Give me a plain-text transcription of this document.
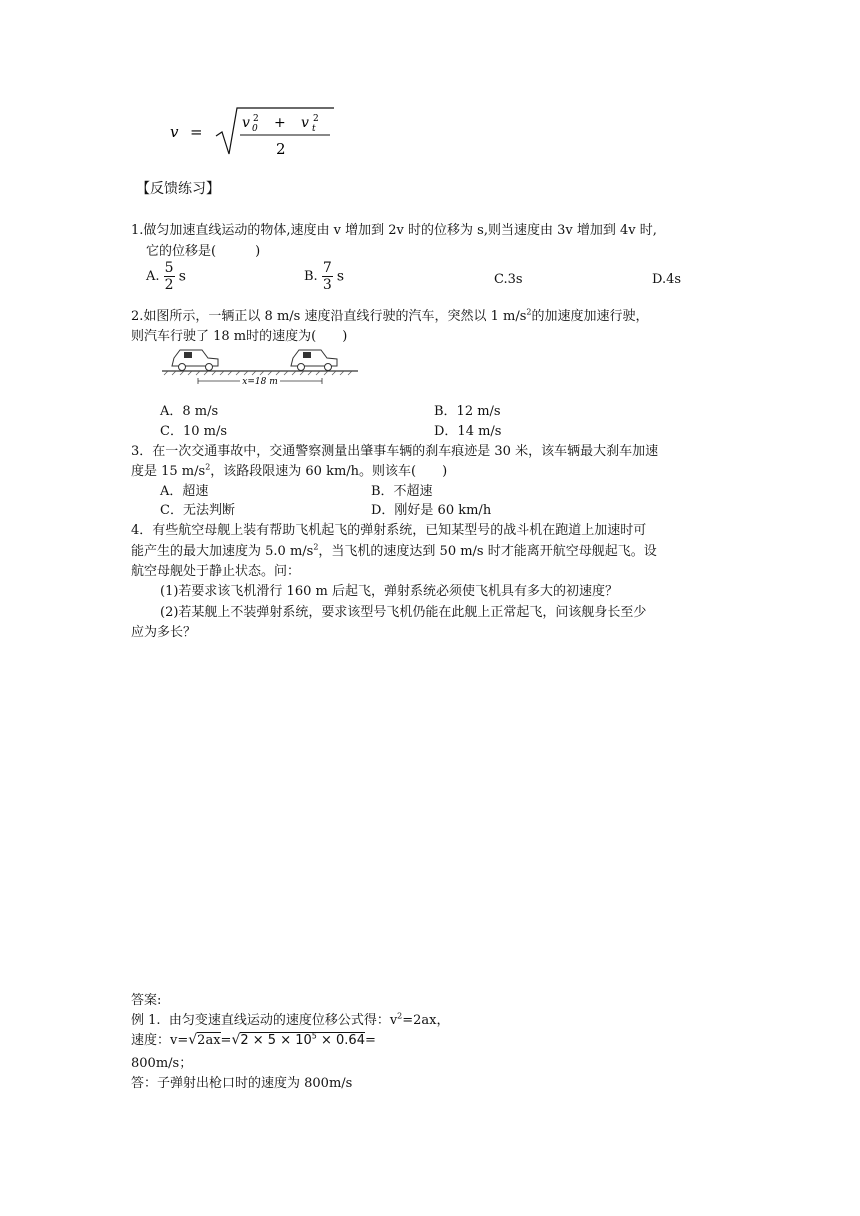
v =	v 2
0 + v 2
t
2
【反馈练习】
1.做匀加速直线运动的物体,速度由 v 增加到 2v 时的位移为 s,则当速度由 3v 增加到 4v 时,
它的位移是(　　　)
A. $\frac{5}{2}$ s	B. $\frac{7}{3}$ s	C.3s	D.4s
2.如图所示，一辆正以 8 m/s 速度沿直线行驶的汽车，突然以 1 $m/s^2$的加速度加速行驶，
则汽车行驶了 18 m时的速度为(　　)
x=18 m
A．8 m/s	B．12 m/s
C．10 m/s	D．14 m/s
3．在一次交通事故中，交通警察测量出肇事车辆的刹车痕迹是 30 米，该车辆最大刹车加速
度是 15 $m/s^2$，该路段限速为 60 km/h。则该车(　　)
A．超速	B．不超速
C．无法判断	D．刚好是 60 km/h
4．有些航空母舰上装有帮助飞机起飞的弹射系统，已知某型号的战斗机在跑道上加速时可
能产生的最大加速度为 5.0 $m/s^2$，当飞机的速度达到 50 m/s 时才能离开航空母舰起飞。设
航空母舰处于静止状态。问：
(1)若要求该飞机滑行 160 m 后起飞，弹射系统必须使飞机具有多大的初速度？
(2)若某舰上不装弹射系统，要求该型号飞机仍能在此舰上正常起飞，问该舰身长至少
应为多长？
答案:
例 1. 由匀变速直线运动的速度位移公式得：$v^2=2ax$，
速度：$v=√2ax=√2 \times 5 \times 10^5 \times 0.64=$
800m/s；
答：子弹射出枪口时的速度为 800m/s
